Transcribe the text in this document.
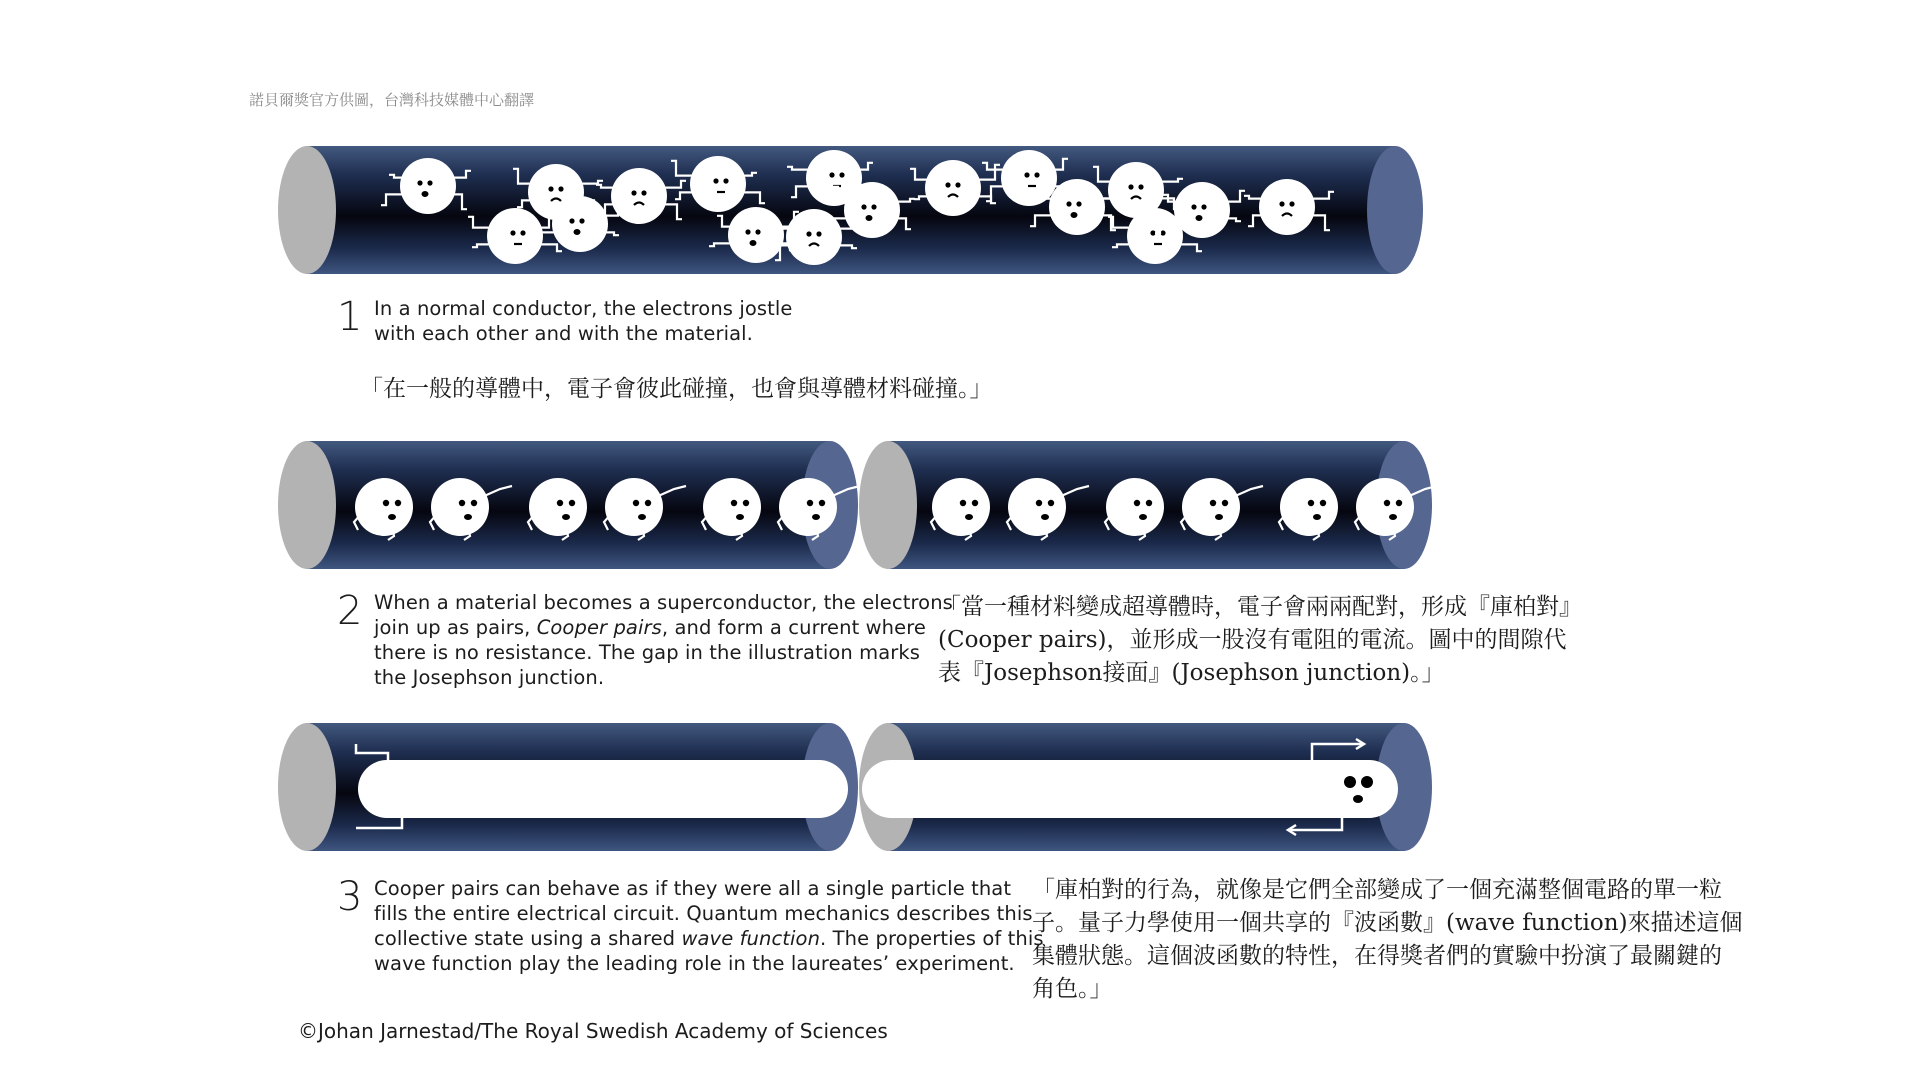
諾貝爾獎官方供圖，台灣科技媒體中心翻譯
1 In a normal conductor, the electrons jostle
with each other and with the material.
「在一般的導體中，電子會彼此碰撞，也會與導體材料碰撞。」
2 When a material becomes a superconductor, the electrons
join up as pairs, Cooper pairs, and form a current where
there is no resistance. The gap in the illustration marks
the Josephson junction.
「當一種材料變成超導體時，電子會兩兩配對，形成『庫柏對』
(Cooper pairs)，並形成一股沒有電阻的電流。圖中的間隙代
表『Josephson接面』(Josephson junction)。」
3 Cooper pairs can behave as if they were all a single particle that
fills the entire electrical circuit. Quantum mechanics describes this
collective state using a shared wave function. The properties of this
wave function play the leading role in the laureates’ experiment.
「庫柏對的行為，就像是它們全部變成了一個充滿整個電路的單一粒
子。量子力學使用一個共享的『波函數』(wave function)來描述這個
集體狀態。這個波函數的特性，在得獎者們的實驗中扮演了最關鍵的
角色。」
©Johan Jarnestad/The Royal Swedish Academy of Sciences
